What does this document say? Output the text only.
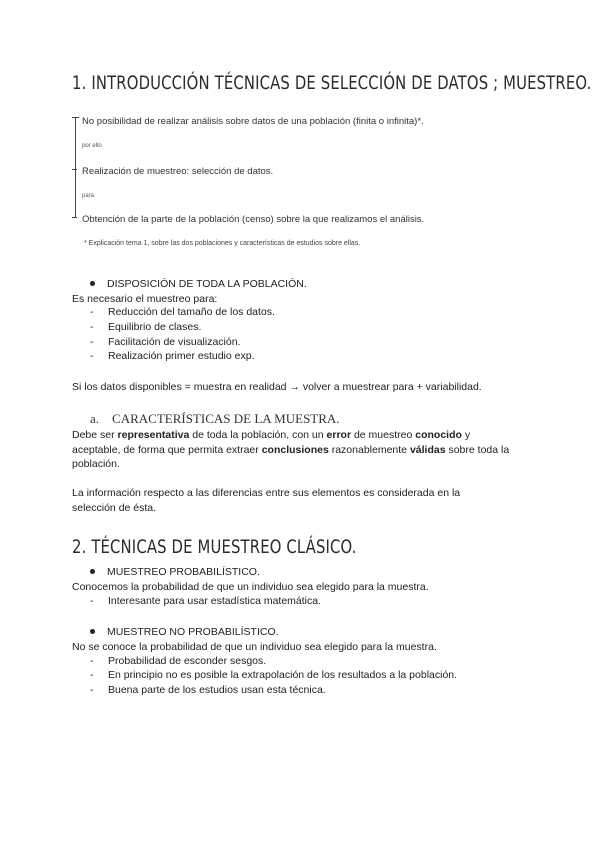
1. INTRODUCCIÓN TÉCNICAS DE SELECCIÓN DE DATOS ; MUESTREO.
No posibilidad de realizar análisis sobre datos de una población (finita o infinita)*.
por ello
Realización de muestreo: selección de datos.
para
Obtención de la parte de la población (censo) sobre la que realizamos el análisis.
* Explicación tema 1, sobre las dos poblaciones y características de estudios sobre ellas.
DISPOSICIÓN DE TODA LA POBLACIÓN.
Es necesario el muestreo para:
- Reducción del tamaño de los datos.
- Equilibrio de clases.
- Facilitación de visualización.
- Realización primer estudio exp.
Si los datos disponibles = muestra en realidad → volver a muestrear para + variabilidad.
a. CARACTERÍSTICAS DE LA MUESTRA.
Debe ser representativa de toda la población, con un error de muestreo conocido y aceptable, de forma que permita extraer conclusiones razonablemente válidas sobre toda la población.
La información respecto a las diferencias entre sus elementos es considerada en la selección de ésta.
2. TÉCNICAS DE MUESTREO CLÁSICO.
MUESTREO PROBABILÍSTICO.
Conocemos la probabilidad de que un individuo sea elegido para la muestra.
- Interesante para usar estadística matemática.
MUESTREO NO PROBABILÍSTICO.
No se conoce la probabilidad de que un individuo sea elegido para la muestra.
- Probabilidad de esconder sesgos.
- En principio no es posible la extrapolación de los resultados a la población.
- Buena parte de los estudios usan esta técnica.
